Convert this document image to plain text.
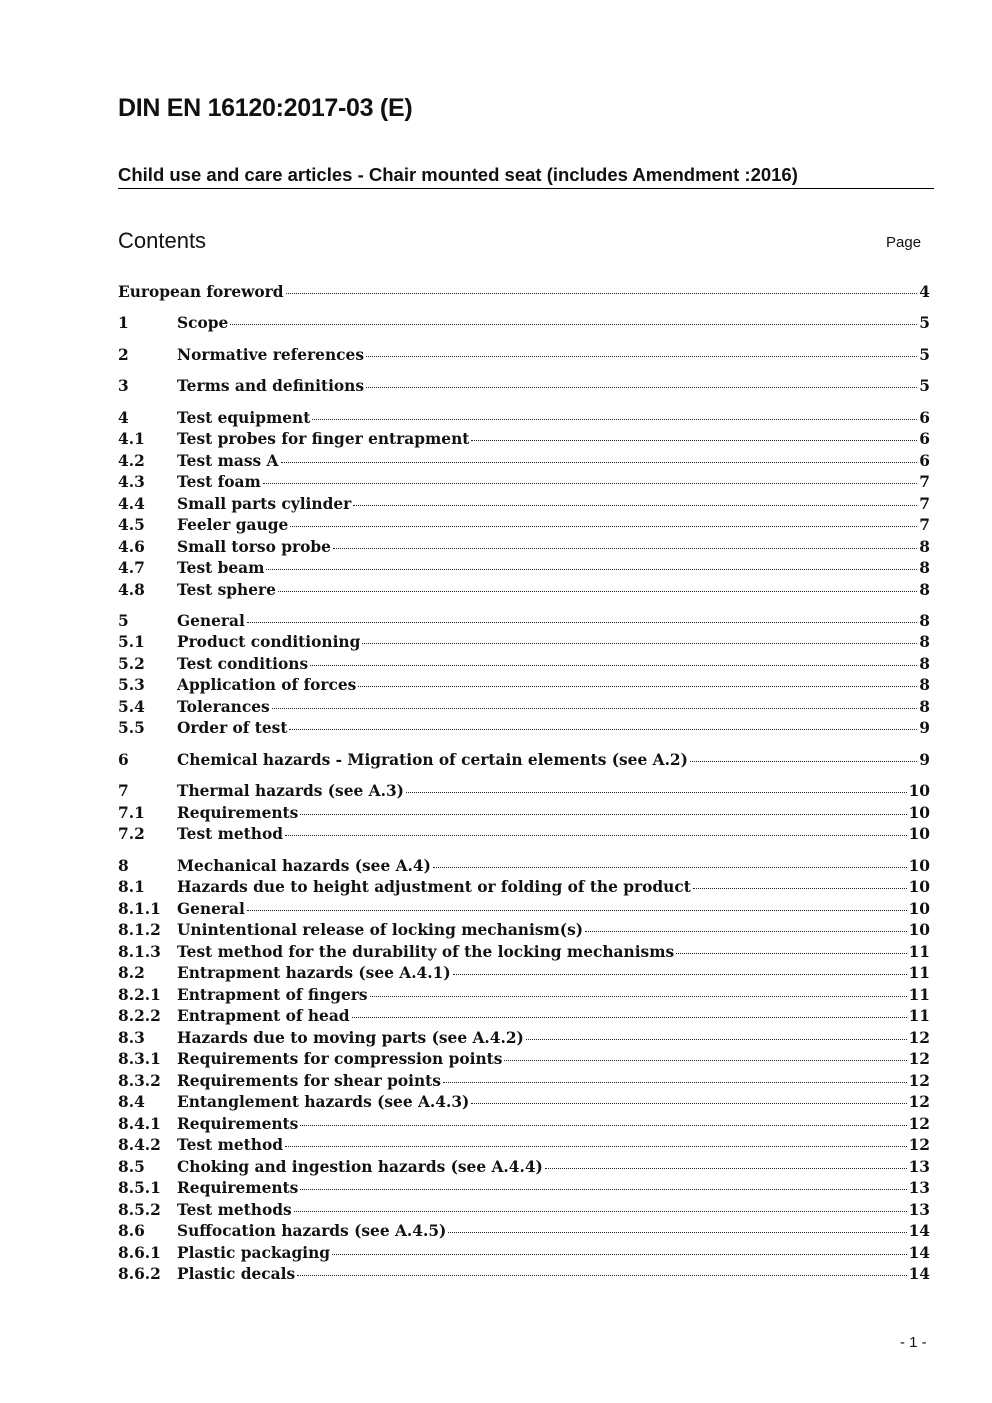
DIN EN 16120:2017-03 (E)
Child use and care articles - Chair mounted seat (includes Amendment :2016)
Contents	Page
European foreword	4
1	Scope	5
2	Normative references	5
3	Terms and definitions	5
4	Test equipment	6
4.1	Test probes for finger entrapment	6
4.2	Test mass A	6
4.3	Test foam	7
4.4	Small parts cylinder	7
4.5	Feeler gauge	7
4.6	Small torso probe	8
4.7	Test beam	8
4.8	Test sphere	8
5	General	8
5.1	Product conditioning	8
5.2	Test conditions	8
5.3	Application of forces	8
5.4	Tolerances	8
5.5	Order of test	9
6	Chemical hazards - Migration of certain elements (see A.2)	9
7	Thermal hazards (see A.3)	10
7.1	Requirements	10
7.2	Test method	10
8	Mechanical hazards (see A.4)	10
8.1	Hazards due to height adjustment or folding of the product	10
8.1.1	General	10
8.1.2	Unintentional release of locking mechanism(s)	10
8.1.3	Test method for the durability of the locking mechanisms	11
8.2	Entrapment hazards (see A.4.1)	11
8.2.1	Entrapment of fingers	11
8.2.2	Entrapment of head	11
8.3	Hazards due to moving parts (see A.4.2)	12
8.3.1	Requirements for compression points	12
8.3.2	Requirements for shear points	12
8.4	Entanglement hazards (see A.4.3)	12
8.4.1	Requirements	12
8.4.2	Test method	12
8.5	Choking and ingestion hazards (see A.4.4)	13
8.5.1	Requirements	13
8.5.2	Test methods	13
8.6	Suffocation hazards (see A.4.5)	14
8.6.1	Plastic packaging	14
8.6.2	Plastic decals	14
- 1 -
